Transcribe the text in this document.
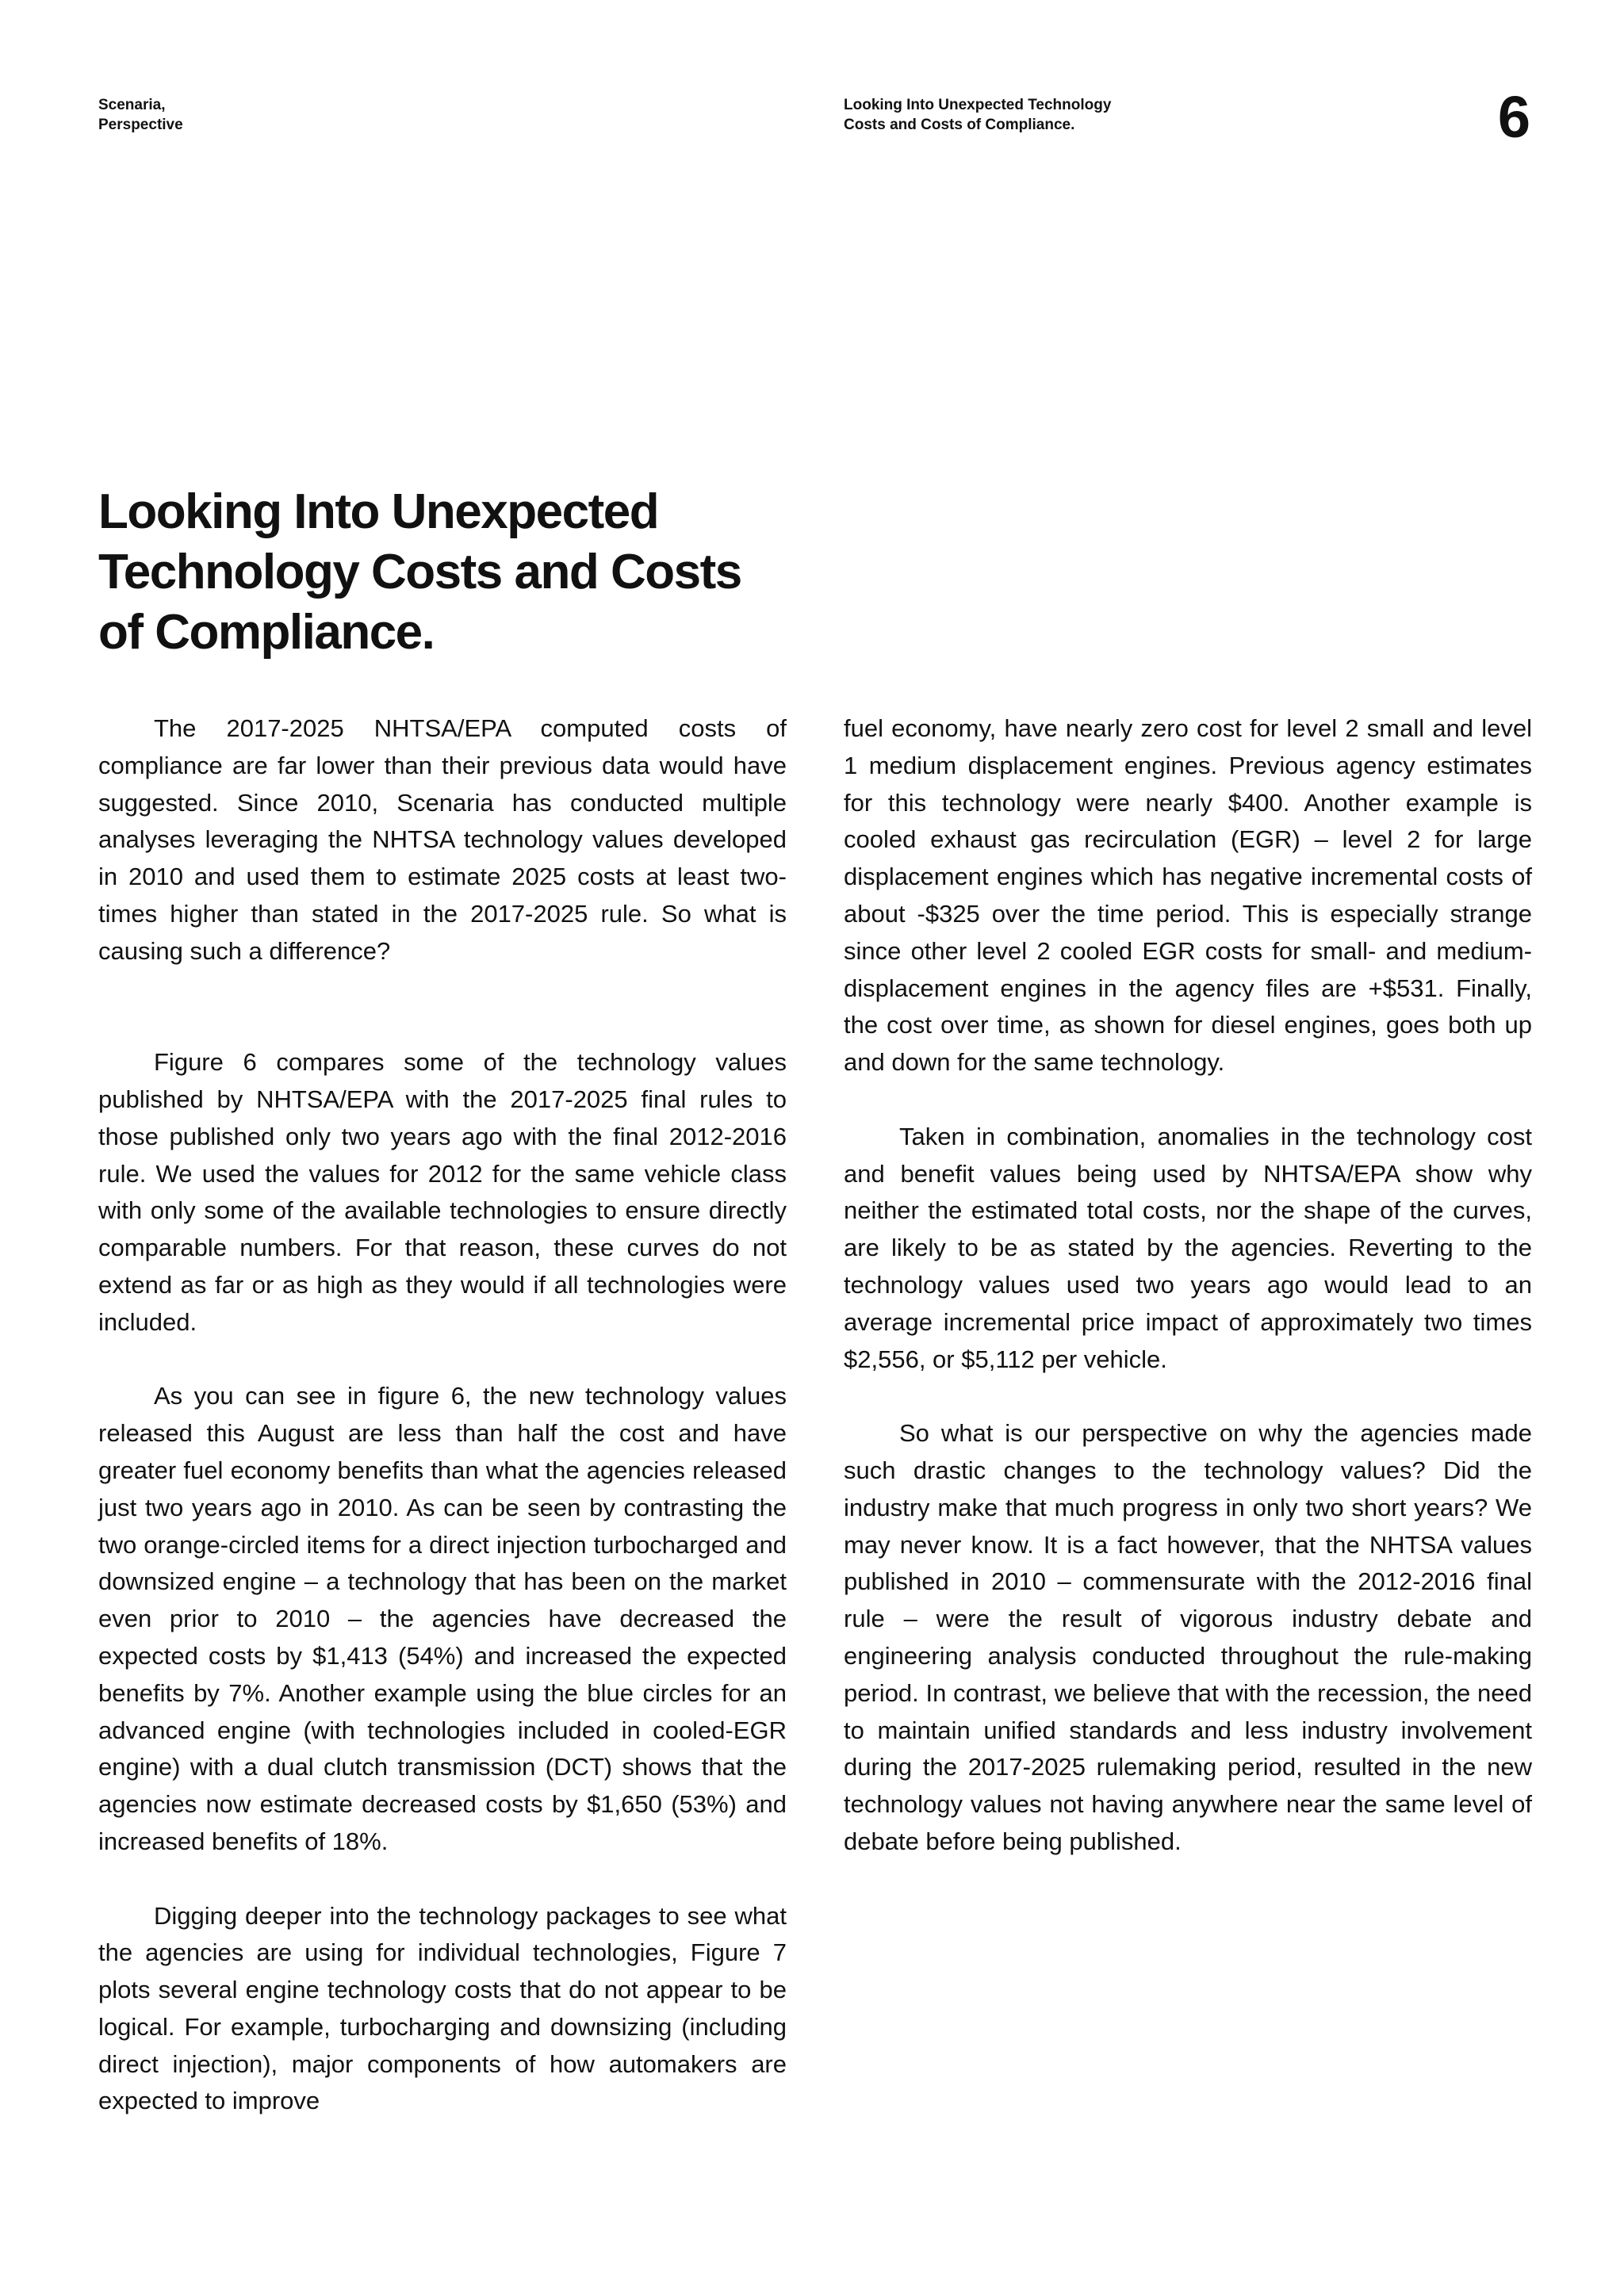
Scenaria,
Perspective
Looking Into Unexpected Technology
Costs and Costs of Compliance.	6
Looking Into Unexpected
Technology Costs and Costs
of Compliance.

The 2017-2025 NHTSA/EPA computed costs of compliance are far lower than their previous data would have suggested. Since 2010, Scenaria has conducted multiple analyses leveraging the NHTSA technology values developed in 2010 and used them to estimate 2025 costs at least two-times higher than stated in the 2017-2025 rule. So what is causing such a difference?

Figure 6 compares some of the technology values published by NHTSA/EPA with the 2017-2025 final rules to those published only two years ago with the final 2012-2016 rule. We used the values for 2012 for the same vehicle class with only some of the available technologies to ensure directly comparable numbers. For that reason, these curves do not extend as far or as high as they would if all technologies were included.

As you can see in figure 6, the new technology values released this August are less than half the cost and have greater fuel economy benefits than what the agencies released just two years ago in 2010. As can be seen by contrasting the two orange-circled items for a direct injection turbocharged and downsized engine – a technology that has been on the market even prior to 2010 – the agencies have decreased the expected costs by $1,413 (54%) and increased the expected benefits by 7%. Another example using the blue circles for an advanced engine (with technologies included in cooled-EGR engine) with a dual clutch transmission (DCT) shows that the agencies now estimate decreased costs by $1,650 (53%) and increased benefits of 18%.

Digging deeper into the technology packages to see what the agencies are using for individual technologies, Figure 7 plots several engine technology costs that do not appear to be logical. For example, turbocharging and downsizing (including direct injection), major components of how automakers are expected to improve

fuel economy, have nearly zero cost for level 2 small and level 1 medium displacement engines. Previous agency estimates for this technology were nearly $400. Another example is cooled exhaust gas recirculation (EGR) – level 2 for large displacement engines which has negative incremental costs of about -$325 over the time period. This is especially strange since other level 2 cooled EGR costs for small- and medium-displacement engines in the agency files are +$531. Finally, the cost over time, as shown for diesel engines, goes both up and down for the same technology.

Taken in combination, anomalies in the technology cost and benefit values being used by NHTSA/EPA show why neither the estimated total costs, nor the shape of the curves, are likely to be as stated by the agencies. Reverting to the technology values used two years ago would lead to an average incremental price impact of approximately two times $2,556, or $5,112 per vehicle.

So what is our perspective on why the agencies made such drastic changes to the technology values? Did the industry make that much progress in only two short years? We may never know. It is a fact however, that the NHTSA values published in 2010 – commensurate with the 2012-2016 final rule – were the result of vigorous industry debate and engineering analysis conducted throughout the rule-making period. In contrast, we believe that with the recession, the need to maintain unified standards and less industry involvement during the 2017-2025 rulemaking period, resulted in the new technology values not having anywhere near the same level of debate before being published.
